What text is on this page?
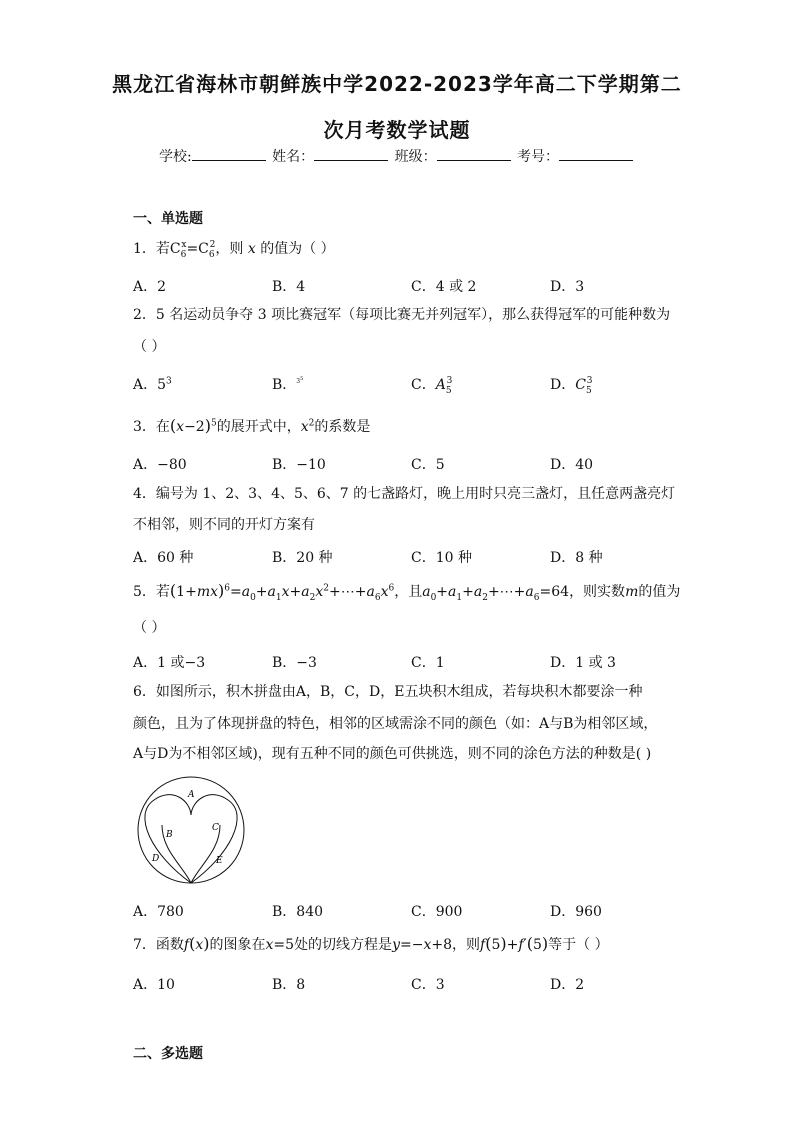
黑龙江省海林市朝鲜族中学2022-2023学年高二下学期第二
次月考数学试题
学校:	姓名：	班级：	考号：
一、单选题
1．若$C_6^x=C_6^2$，则 x 的值为（ ）
A．2	B．4	C．4 或 2	D．3
2．5 名运动员争夺 3 项比赛冠军（每项比赛无并列冠军），那么获得冠军的可能种数为
（ ）
A．$5^3$	B．$^{3^5}$	C．$A_5^3$	D．$C_5^3$
3．在$(x-2)^5$的展开式中，$x^2$的系数是
A．−80	B．−10	C．5	D．40
4．编号为 1、2、3、4、5、6、7 的七盏路灯，晚上用时只亮三盏灯，且任意两盏亮灯
不相邻，则不同的开灯方案有
A．60 种	B．20 种	C．10 种	D．8 种
5．若$(1+mx)^6=a_0+a_1x+a_2x^2+\cdots+a_6x^6$，且$a_0+a_1+a_2+\cdots+a_6=64$，则实数m的值为
（ ）
A．1 或−3	B．−3	C．1	D．1 或 3
6．如图所示，积木拼盘由A，B，C，D，E五块积木组成，若每块积木都要涂一种
颜色，且为了体现拼盘的特色，相邻的区域需涂不同的颜色（如：A与B为相邻区域，
A与D为不相邻区域)，现有五种不同的颜色可供挑选，则不同的涂色方法的种数是( )
A
B
C
D	E
A．780	B．840	C．900	D．960
7．函数f(x)的图象在x=5处的切线方程是y=−x+8，则f(5)+f′(5)等于（ ）
A．10	B．8	C．3	D．2
二、多选题
